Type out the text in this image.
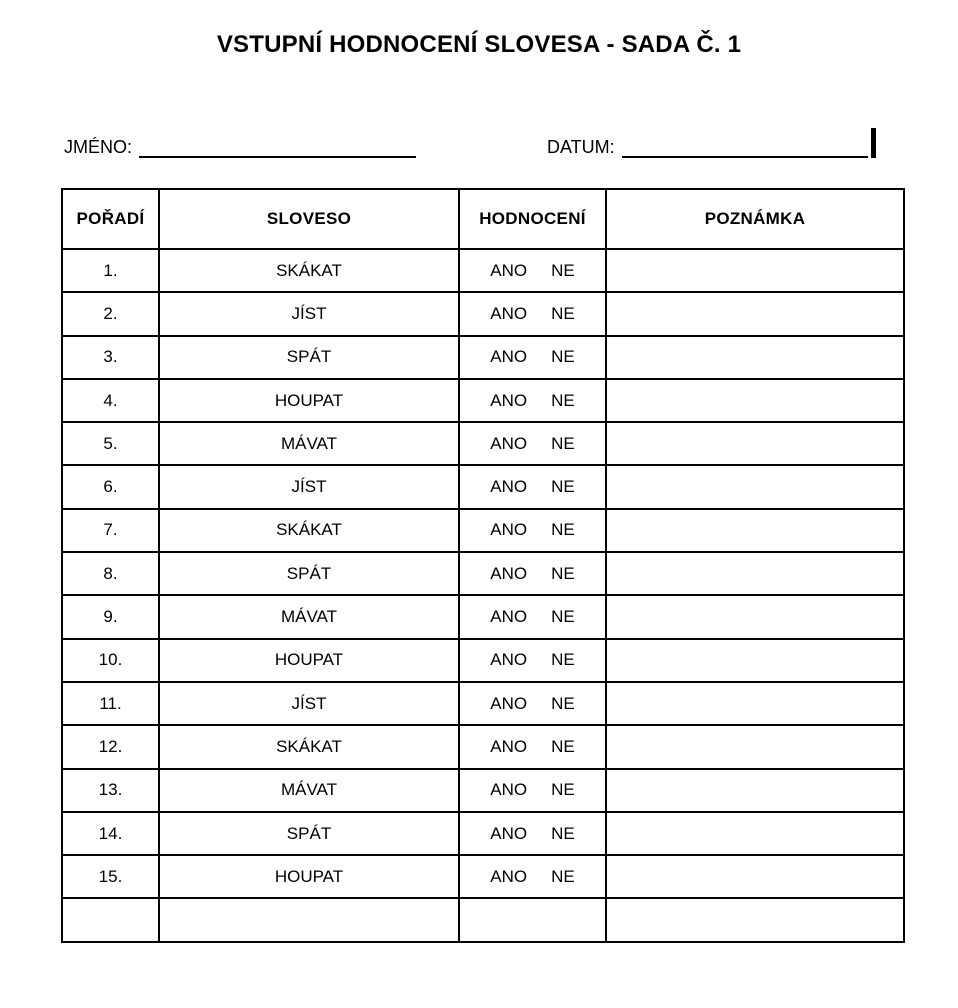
VSTUPNÍ HODNOCENÍ SLOVESA - SADA Č. 1
JMÉNO:	DATUM:
POŘADÍ	SLOVESO	HODNOCENÍ	POZNÁMKA
1.	SKÁKAT	ANO NE	
2.	JÍST	ANO NE	
3.	SPÁT	ANO NE	
4.	HOUPAT	ANO NE	
5.	MÁVAT	ANO NE	
6.	JÍST	ANO NE	
7.	SKÁKAT	ANO NE	
8.	SPÁT	ANO NE	
9.	MÁVAT	ANO NE	
10.	HOUPAT	ANO NE	
11.	JÍST	ANO NE	
12.	SKÁKAT	ANO NE	
13.	MÁVAT	ANO NE	
14.	SPÁT	ANO NE	
15.	HOUPAT	ANO NE	
